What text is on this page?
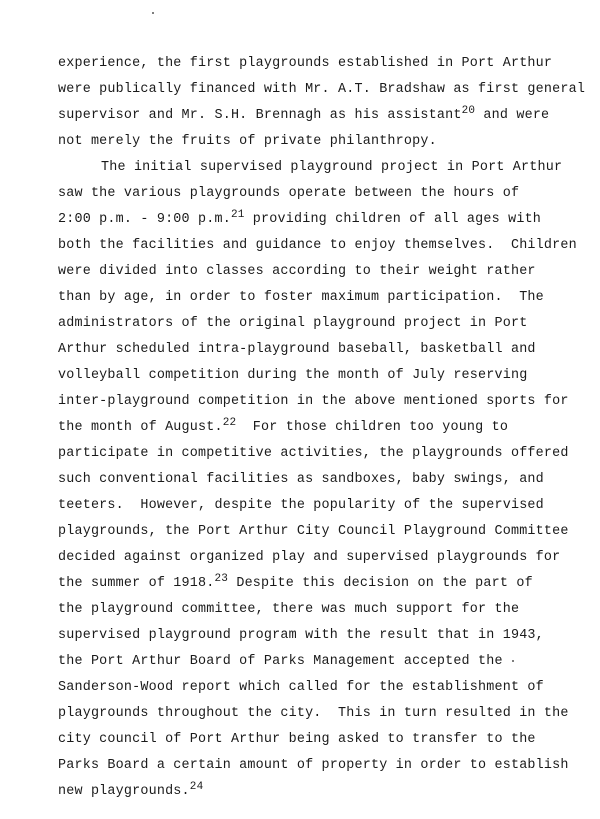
experience, the first playgrounds established in Port Arthur
were publically financed with Mr. A.T. Bradshaw as first general
supervisor and Mr. S.H. Brennagh as his assistant$^{20}$ and were
not merely the fruits of private philanthropy.
The initial supervised playground project in Port Arthur
saw the various playgrounds operate between the hours of
2:00 p.m. - 9:00 p.m.$^{21}$ providing children of all ages with
both the facilities and guidance to enjoy themselves.  Children
were divided into classes according to their weight rather
than by age, in order to foster maximum participation.  The
administrators of the original playground project in Port
Arthur scheduled intra-playground baseball, basketball and
volleyball competition during the month of July reserving
inter-playground competition in the above mentioned sports for
the month of August.$^{22}$  For those children too young to
participate in competitive activities, the playgrounds offered
such conventional facilities as sandboxes, baby swings, and
teeters.  However, despite the popularity of the supervised
playgrounds, the Port Arthur City Council Playground Committee
decided against organized play and supervised playgrounds for
the summer of 1918.23 Despite this decision on the part of
the playground committee, there was much support for the
supervised playground program with the result that in 1943,
the Port Arthur Board of Parks Management accepted the
Sanderson-Wood report which called for the establishment of
playgrounds throughout the city.  This in turn resulted in the
city council of Port Arthur being asked to transfer to the
Parks Board a certain amount of property in order to establish
new playgrounds.$^{24}$
